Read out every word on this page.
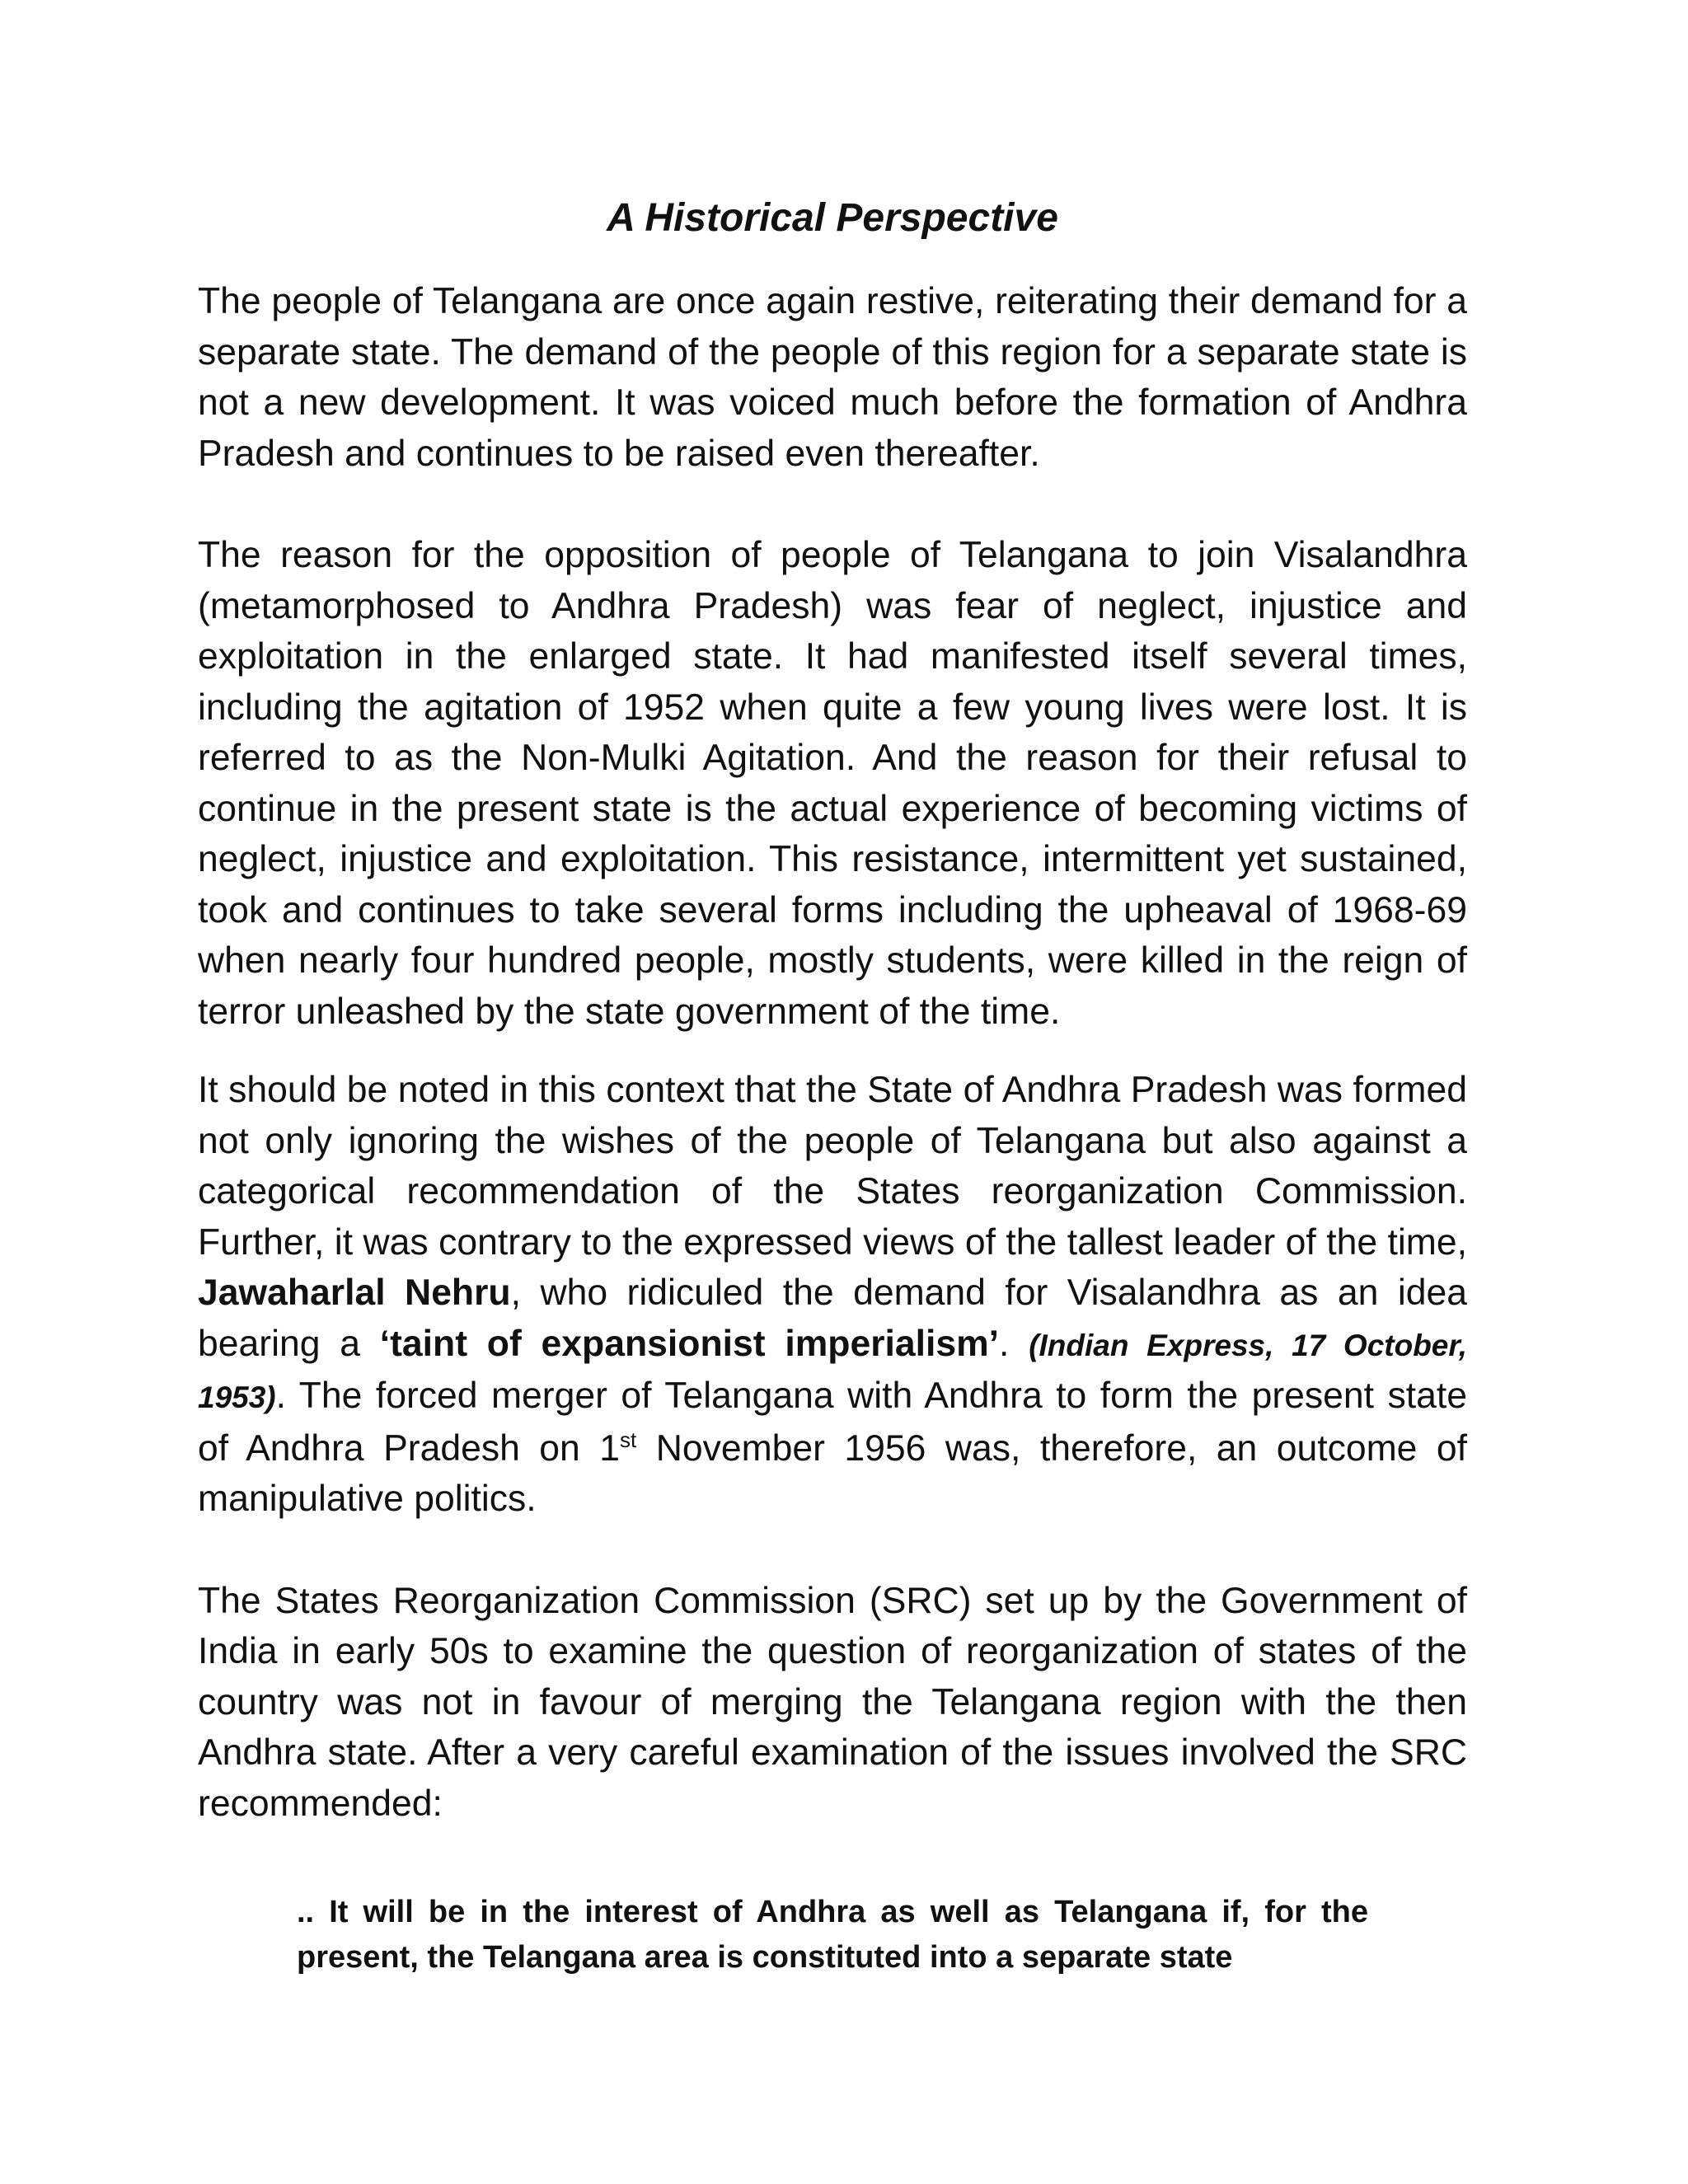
A Historical Perspective

The people of Telangana are once again restive, reiterating their demand for a separate state. The demand of the people of this region for a separate state is not a new development. It was voiced much before the formation of Andhra Pradesh and continues to be raised even thereafter.

The reason for the opposition of people of Telangana to join Visalandhra (metamorphosed to Andhra Pradesh) was fear of neglect, injustice and exploitation in the enlarged state. It had manifested itself several times, including the agitation of 1952 when quite a few young lives were lost. It is referred to as the Non-Mulki Agitation. And the reason for their refusal to continue in the present state is the actual experience of becoming victims of neglect, injustice and exploitation. This resistance, intermittent yet sustained, took and continues to take several forms including the upheaval of 1968-69 when nearly four hundred people, mostly students, were killed in the reign of terror unleashed by the state government of the time.

It should be noted in this context that the State of Andhra Pradesh was formed not only ignoring the wishes of the people of Telangana but also against a categorical recommendation of the States reorganization Commission. Further, it was contrary to the expressed views of the tallest leader of the time, Jawaharlal Nehru, who ridiculed the demand for Visalandhra as an idea bearing a ‘taint of expansionist imperialism’. (Indian Express, 17 October, 1953). The forced merger of Telangana with Andhra to form the present state of Andhra Pradesh on 1st November 1956 was, therefore, an outcome of manipulative politics.

The States Reorganization Commission (SRC) set up by the Government of India in early 50s to examine the question of reorganization of states of the country was not in favour of merging the Telangana region with the then Andhra state. After a very careful examination of the issues involved the SRC recommended:

.. It will be in the interest of Andhra as well as Telangana if, for the present, the Telangana area is constituted into a separate state
